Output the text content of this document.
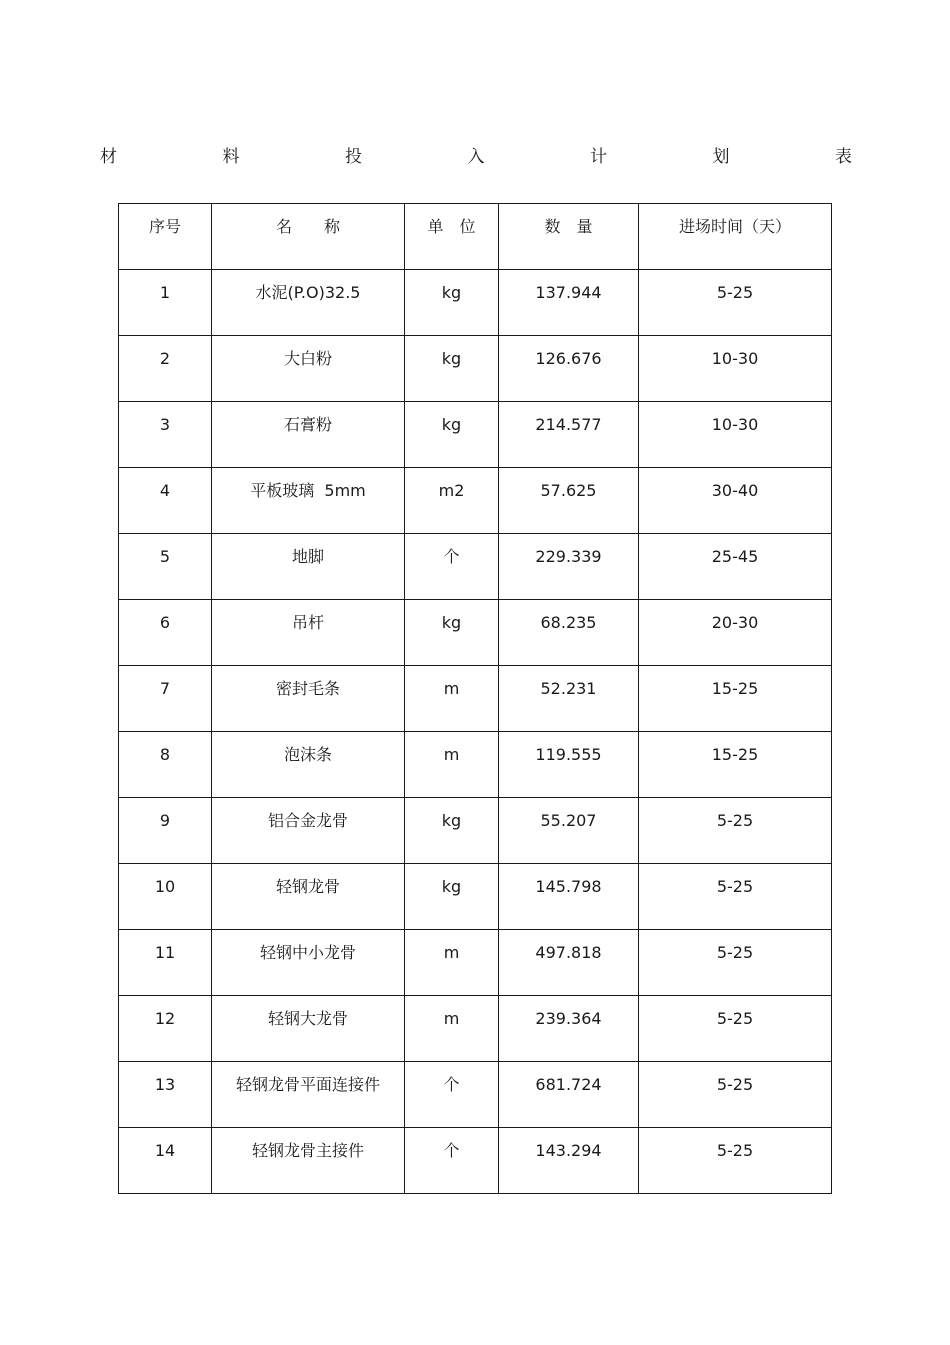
材	料	投	入	计	划	表
序号	名　　称	单　位	数　量	进场时间（天）

1	水泥(P.O)32.5	kg	137.944	5-25

2	大白粉	kg	126.676	10-30

3	石膏粉	kg	214.577	10-30

4	平板玻璃  5mm	m2	57.625	30-40

5	地脚	个	229.339	25-45

6	吊杆	kg	68.235	20-30

7	密封毛条	m	52.231	15-25

8	泡沫条	m	119.555	15-25

9	铝合金龙骨	kg	55.207	5-25

10	轻钢龙骨	kg	145.798	5-25

11	轻钢中小龙骨	m	497.818	5-25

12	轻钢大龙骨	m	239.364	5-25

13	轻钢龙骨平面连接件	个	681.724	5-25

14	轻钢龙骨主接件	个	143.294	5-25
